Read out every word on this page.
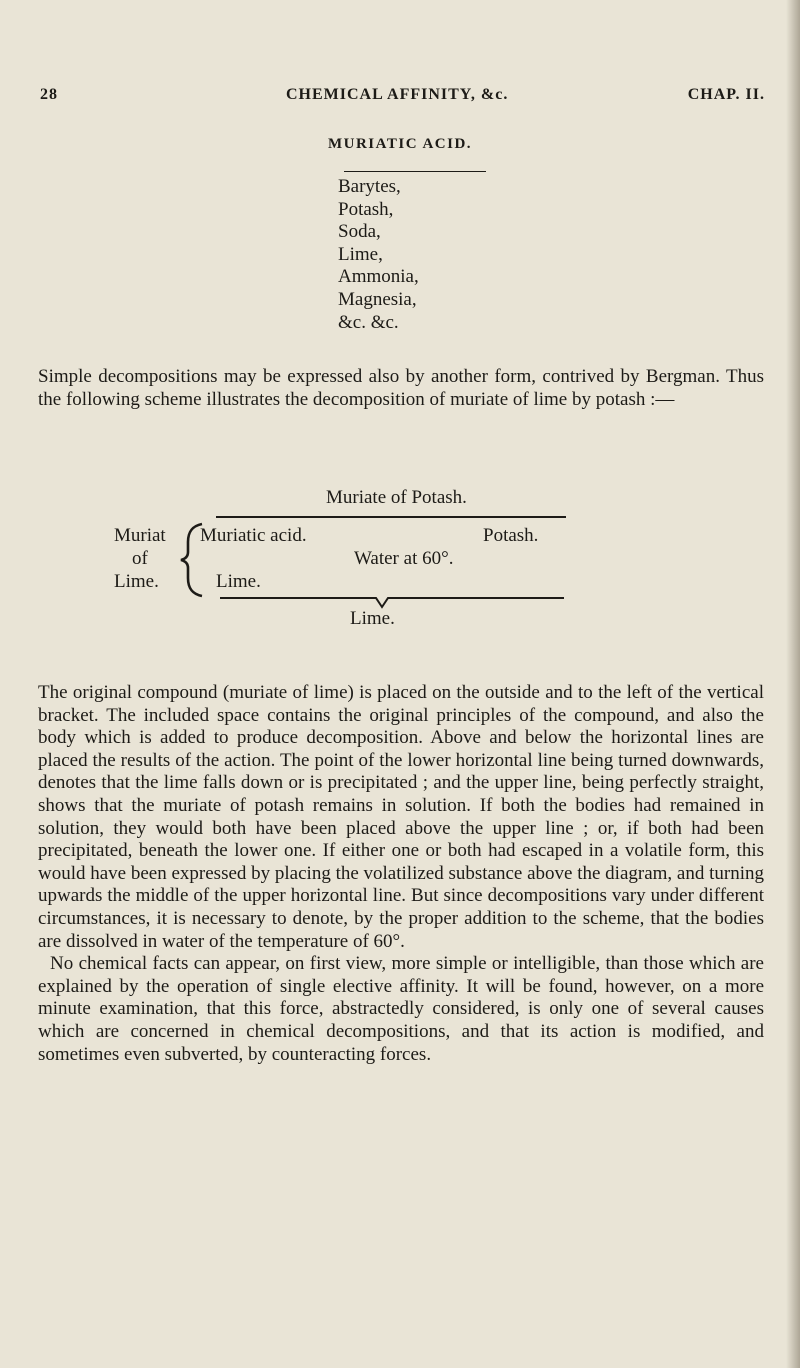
28	CHEMICAL AFFINITY, &c.	CHAP. II.
MURIATIC ACID.
Barytes,
Potash,
Soda,
Lime,
Ammonia,
Magnesia,
&c. &c.

Simple decompositions may be expressed also by another form, contrived by Bergman. Thus the following scheme illustrates the decomposition of muriate of lime by potash :—

Muriate of Potash.
Muriat
of
Lime.
Muriatic acid.	Potash.
Water at 60°.
Lime.
Lime.

The original compound (muriate of lime) is placed on the outside and to the left of the vertical bracket. The included space contains the original principles of the compound, and also the body which is added to produce decomposition. Above and below the horizontal lines are placed the results of the action. The point of the lower horizontal line being turned downwards, denotes that the lime falls down or is precipitated ; and the upper line, being perfectly straight, shows that the muriate of potash remains in solution. If both the bodies had remained in solution, they would both have been placed above the upper line ; or, if both had been precipitated, beneath the lower one. If either one or both had escaped in a volatile form, this would have been expressed by placing the volatilized substance above the diagram, and turning upwards the middle of the upper horizontal line. But since decompositions vary under different circumstances, it is necessary to denote, by the proper addition to the scheme, that the bodies are dissolved in water of the temperature of 60°.
No chemical facts can appear, on first view, more simple or intelligible, than those which are explained by the operation of single elective affinity. It will be found, however, on a more minute examination, that this force, abstractedly considered, is only one of several causes which are concerned in chemical decompositions, and that its action is modified, and sometimes even subverted, by counteracting forces.
